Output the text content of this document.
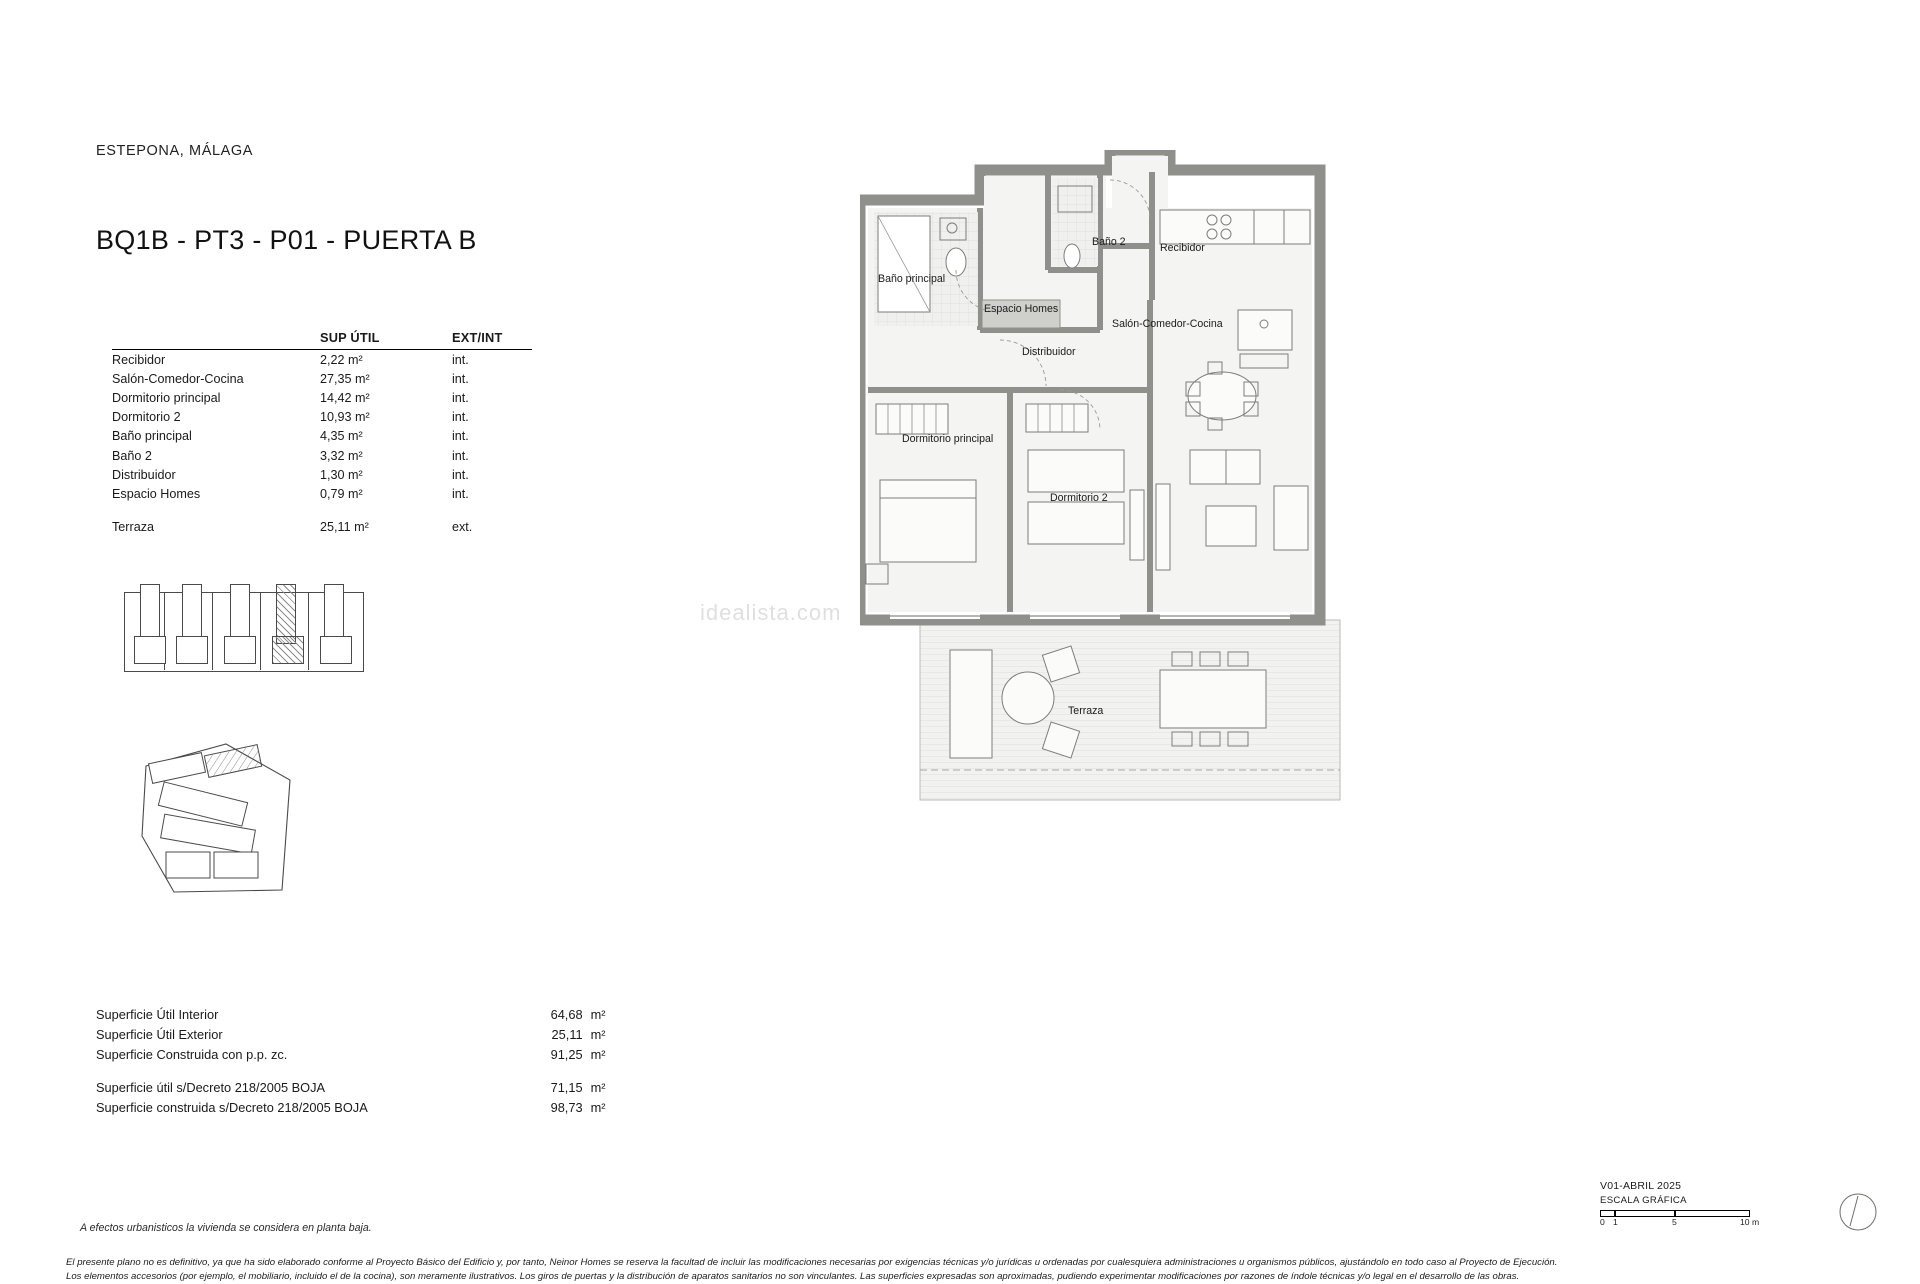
ESTEPONA, MÁLAGA
BQ1B - PT3 - P01 - PUERTA B
	SUP ÚTIL	EXT/INT
Recibidor	2,22 m²	int.
Salón-Comedor-Cocina	27,35 m²	int.
Dormitorio principal	14,42 m²	int.
Dormitorio 2	10,93 m²	int.
Baño principal	4,35 m²	int.
Baño 2	3,32 m²	int.
Distribuidor	1,30 m²	int.
Espacio Homes	0,79 m²	int.

Terraza	25,11 m²	ext.
Superficie Útil Interior	64,68	m²
Superficie Útil Exterior	25,11	m²
Superficie Construida con p.p. zc.	91,25	m²

Superficie útil s/Decreto 218/2005 BOJA	71,15	m²
Superficie construida s/Decreto 218/2005 BOJA	98,73	m²
A efectos urbanisticos la vivienda se considera en planta baja.
El presente plano no es definitivo, ya que ha sido elaborado conforme al Proyecto Básico del Edificio y, por tanto, Neinor Homes se reserva la facultad de incluir las modificaciones necesarias por exigencias técnicas y/o jurídicas u ordenadas por cualesquiera administraciones u organismos públicos, ajustándolo en todo caso al Proyecto de Ejecución.
Los elementos accesorios (por ejemplo, el mobiliario, incluido el de la cocina), son meramente ilustrativos. Los giros de puertas y la distribución de aparatos sanitarios no son vinculantes. Las superficies expresadas son aproximadas, pudiendo experimentar modificaciones por razones de índole técnicas y/o legal en el desarrollo de las obras.
Baño 2	Recibidor
Baño principal
Espacio Homes
Salón-Comedor-Cocina
Distribuidor
Dormitorio principal
Dormitorio 2
Terraza
idealista.com
V01-ABRIL 2025
ESCALA GRÁFICA
0 1	5	10 m
